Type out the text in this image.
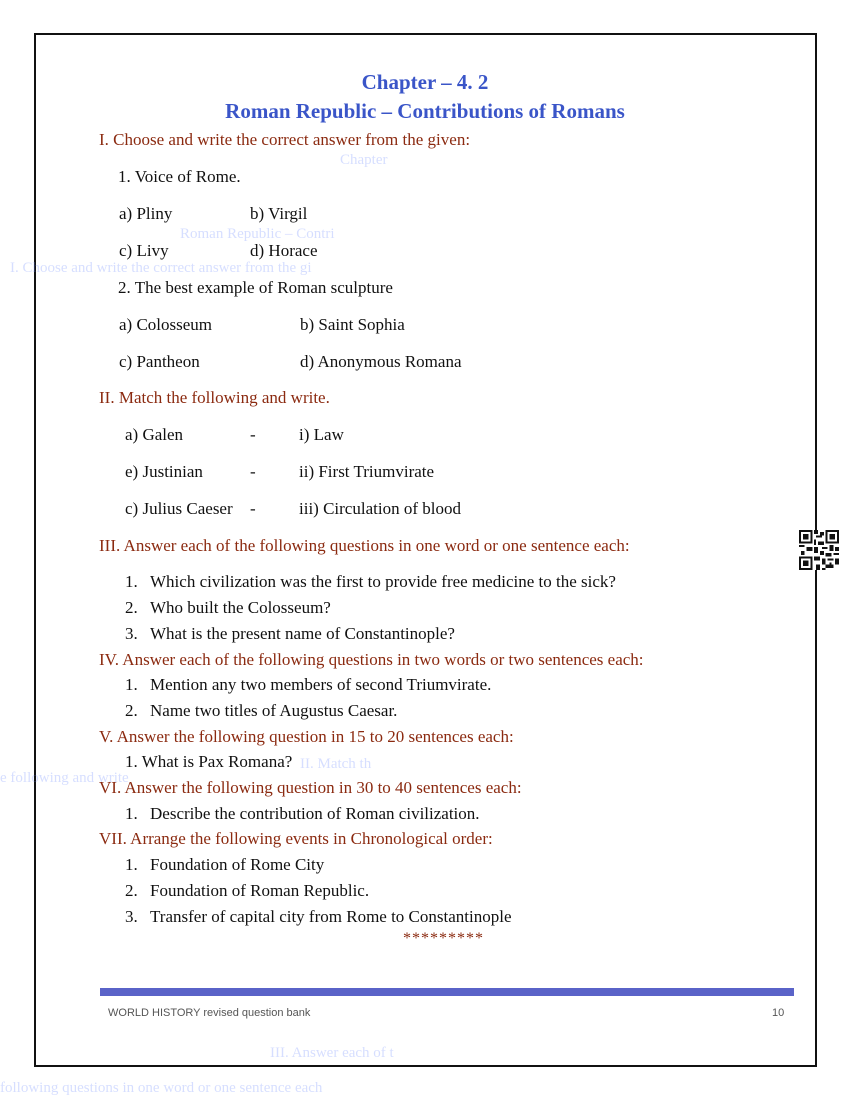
Chapter
Roman Republic – Contri
I. Choose and write the correct answer from the gi
II. Match th
e following and write
III. Answer each of t
following questions in one word or one sentence each
Chapter – 4. 2
Roman Republic – Contributions of Romans
I. Choose and write the correct answer from the given:
1. Voice of Rome.
a) Pliny	b) Virgil
c) Livy	d) Horace
2. The best example of Roman sculpture
a) Colosseum	b) Saint Sophia
c) Pantheon	d) Anonymous Romana
II. Match the following and write.
a) Galen	-	i) Law
e) Justinian	-	ii) First Triumvirate
c) Julius Caeser -	iii) Circulation of blood
III. Answer each of the following questions in one word or one sentence each:
1. Which civilization was the first to provide free medicine to the sick?
2. Who built the Colosseum?
3. What is the present name of Constantinople?
IV. Answer each of the following questions in two words or two sentences each:
1. Mention any two members of second Triumvirate.
2. Name two titles of Augustus Caesar.
V. Answer the following question in 15 to 20 sentences each:
1. What is Pax Romana?
VI. Answer the following question in 30 to 40 sentences each:
1. Describe the contribution of Roman civilization.
VII. Arrange the following events in Chronological order:
1. Foundation of Rome City
2. Foundation of Roman Republic.
3. Transfer of capital city from Rome to Constantinople
*********
WORLD HISTORY revised question bank	10
